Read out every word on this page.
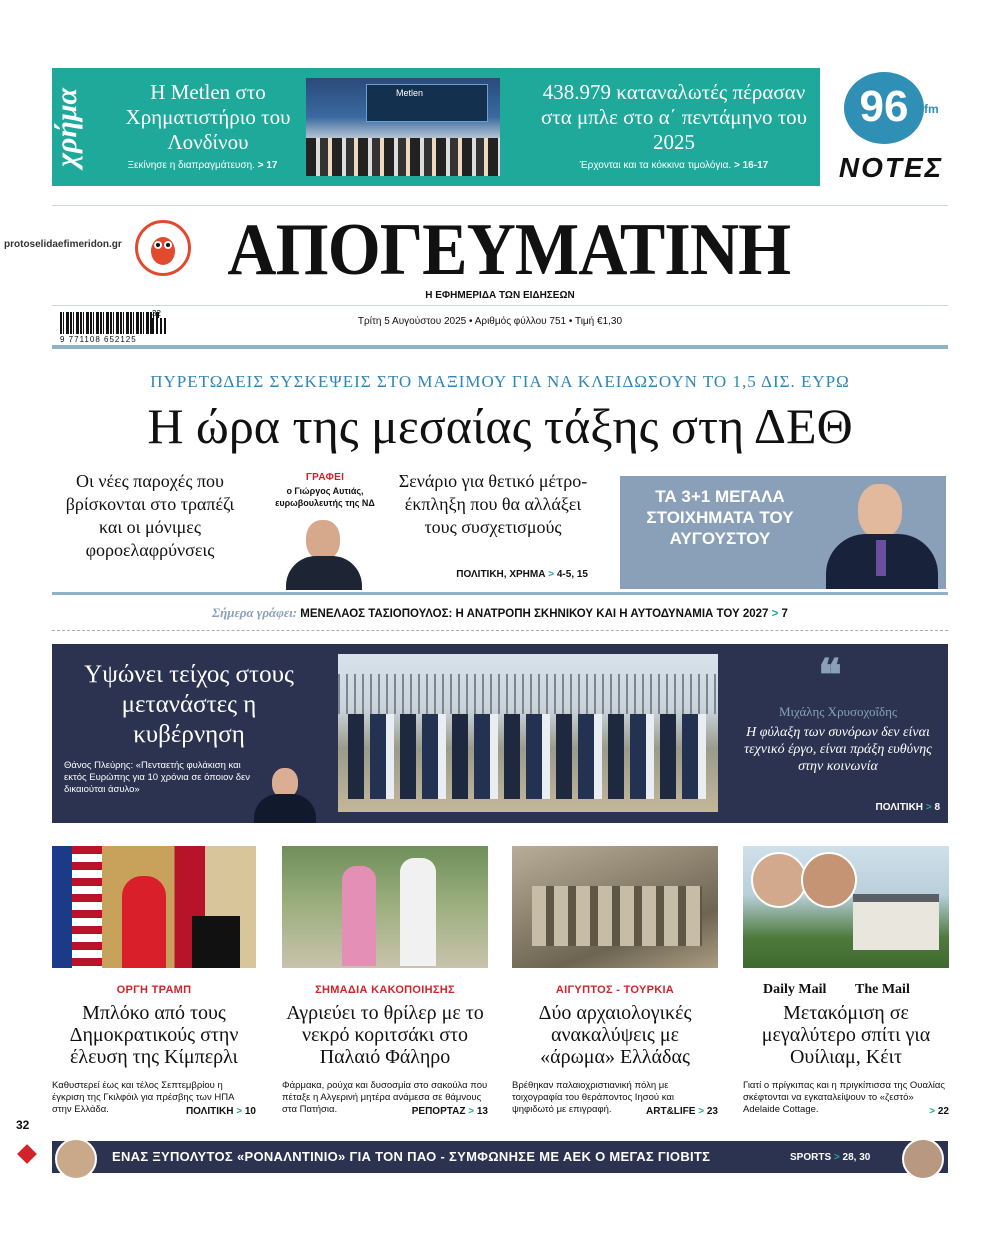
χρήμα	Η Metlen στο Χρηματιστήριο του Λονδίνου
Ξεκίνησε η διαπραγμάτευση. > 17
Metlen	438.979 καταναλωτές πέρασαν στα μπλε στο α΄ πεντάμηνο του 2025
Έρχονται και τα κόκκινα τιμολόγια. > 16-17
96	fm
ΝΟΤΕΣ
protoselidaefimeridon.gr	ΑΠΟΓΕΥΜΑΤΙΝΗ
Η ΕΦΗΜΕΡΙΔΑ ΤΩΝ ΕΙΔΗΣΕΩΝ
32
9 771108 652125
Τρίτη 5 Αυγούστου 2025 • Αριθμός φύλλου 751 • Τιμή €1,30
ΠΥΡΕΤΩΔΕΙΣ ΣΥΣΚΕΨΕΙΣ ΣΤΟ ΜΑΞΙΜΟΥ ΓΙΑ ΝΑ ΚΛΕΙΔΩΣΟΥΝ ΤΟ 1,5 ΔΙΣ. ΕΥΡΩ
Η ώρα της μεσαίας τάξης στη ΔΕΘ
Οι νέες παροχές που βρίσκονται στο τραπέζι και οι μόνιμες φοροελαφρύνσεις
ΓΡΑΦΕΙ
ο Γιώργος Αυτιάς,
ευρωβουλευτής της ΝΔ
Σενάριο για θετικό μέτρο-έκπληξη που θα αλλάξει τους συσχετισμούς
ΠΟΛΙΤΙΚΗ, ΧΡΗΜΑ > 4-5, 15
ΤΑ 3+1 ΜΕΓΑΛΑ ΣΤΟΙΧΗΜΑΤΑ ΤΟΥ ΑΥΓΟΥΣΤΟΥ
Σήμερα γράφει: ΜΕΝΕΛΑΟΣ ΤΑΣΙΟΠΟΥΛΟΣ: Η ΑΝΑΤΡΟΠΗ ΣΚΗΝΙΚΟΥ ΚΑΙ Η ΑΥΤΟΔΥΝΑΜΙΑ ΤΟΥ 2027 > 7
Υψώνει τείχος στους μετανάστες η κυβέρνηση
Θάνος Πλεύρης: «Πενταετής φυλάκιση και εκτός Ευρώπης για 10 χρόνια σε όποιον δεν δικαιούται άσυλο»
❝
Μιχάλης Χρυσοχοΐδης
Η φύλαξη των συνόρων δεν είναι τεχνικό έργο, είναι πράξη ευθύνης στην κοινωνία
ΠΟΛΙΤΙΚΗ > 8
ΟΡΓΗ ΤΡΑΜΠ
Μπλόκο από τους Δημοκρατικούς στην έλευση της Κίμπερλι
Καθυστερεί έως και τέλος Σεπτεμβρίου η έγκριση της Γκιλφόιλ για πρέσβης των ΗΠΑ στην Ελλάδα.	ΠΟΛΙΤΙΚΗ > 10
ΣΗΜΑΔΙΑ ΚΑΚΟΠΟΙΗΣΗΣ
Αγριεύει το θρίλερ με το νεκρό κοριτσάκι στο Παλαιό Φάληρο
Φάρμακα, ρούχα και δυσοσμία στο σακούλα που πέταξε η Αλγερινή μητέρα ανάμεσα σε θάμνους στα Πατήσια.	ΡΕΠΟΡΤΑΖ > 13
ΑΙΓΥΠΤΟΣ - ΤΟΥΡΚΙΑ
Δύο αρχαιολογικές ανακαλύψεις με «άρωμα» Ελλάδας
Βρέθηκαν παλαιοχριστιανική πόλη με τοιχογραφία του θεράποντος Ιησού και ψηφιδωτό με επιγραφή.	ART&LIFE > 23
Daily Mail The Mail
Μετακόμιση σε μεγαλύτερο σπίτι για Ουίλιαμ, Κέιτ
Γιατί ο πρίγκιπας και η πριγκίπισσα της Ουαλίας σκέφτονται να εγκαταλείψουν το «ζεστό» Adelaide Cottage.	> 22
32
ΕΝΑΣ ΞΥΠΟΛΥΤΟΣ «ΡΟΝΑΛΝΤΙΝΙΟ» ΓΙΑ ΤΟΝ ΠΑΟ - ΣΥΜΦΩΝΗΣΕ ΜΕ ΑΕΚ Ο ΜΕΓΑΣ ΓΙΟΒΙΤΣ	SPORTS > 28, 30
